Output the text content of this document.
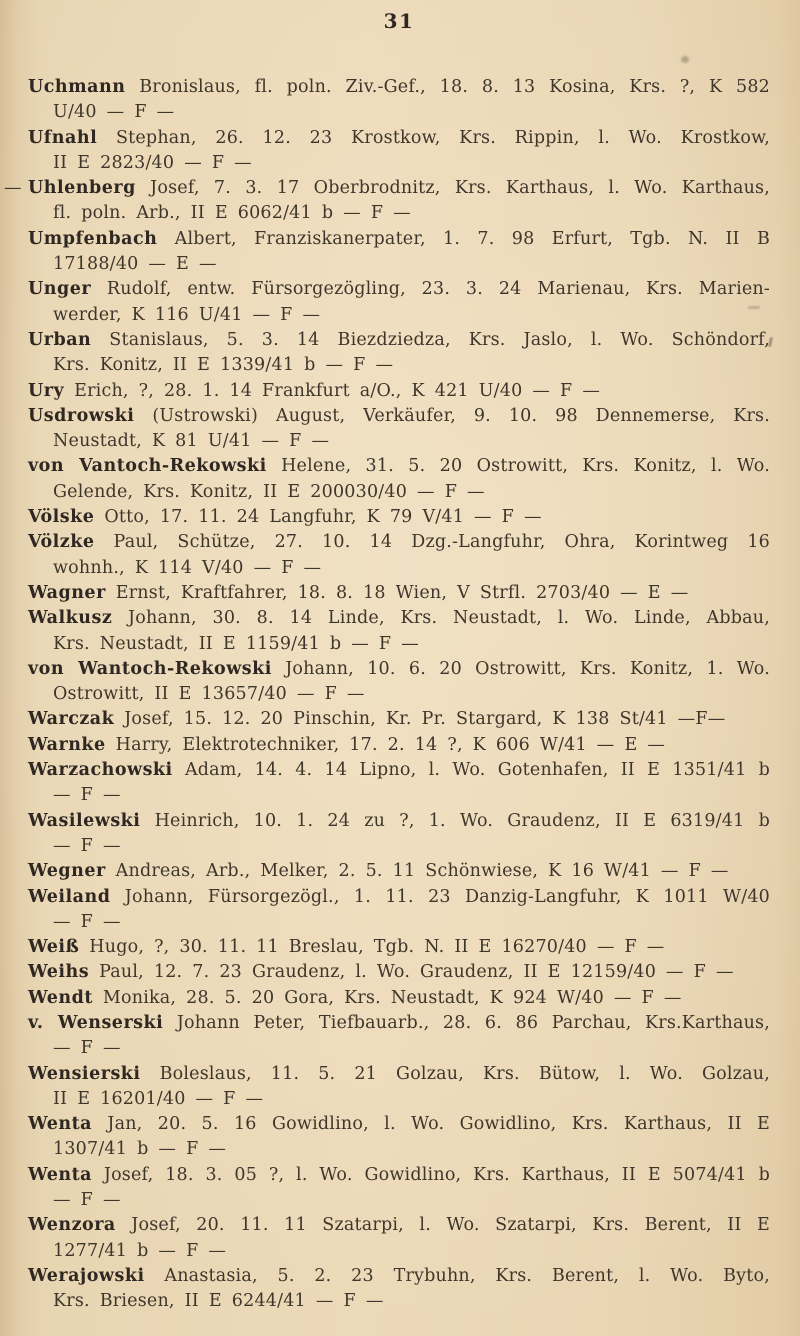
31
Uchmann Bronislaus, fl. poln. Ziv.-Gef., 18. 8. 13 Kosina, Krs. ?, K 582
U/40 — F —
Ufnahl Stephan, 26. 12. 23 Krostkow, Krs. Rippin, l. Wo. Krostkow,
II E 2823/40 — F —
— Uhlenberg Josef, 7. 3. 17 Oberbrodnitz, Krs. Karthaus, l. Wo. Karthaus,
fl. poln. Arb., II E 6062/41 b — F —
Umpfenbach Albert, Franziskanerpater, 1. 7. 98 Erfurt, Tgb. N. II B
17188/40 — E —
Unger Rudolf, entw. Fürsorgezögling, 23. 3. 24 Marienau, Krs. Marien-
werder, K 116 U/41 — F —
Urban Stanislaus, 5. 3. 14 Biezdziedza, Krs. Jaslo, l. Wo. Schöndorf,
Krs. Konitz, II E 1339/41 b — F —
Ury Erich, ?, 28. 1. 14 Frankfurt a/O., K 421 U/40 — F —
Usdrowski (Ustrowski) August, Verkäufer, 9. 10. 98 Dennemerse, Krs.
Neustadt, K 81 U/41 — F —
von Vantoch-Rekowski Helene, 31. 5. 20 Ostrowitt, Krs. Konitz, l. Wo.
Gelende, Krs. Konitz, II E 200030/40 — F —
Völske Otto, 17. 11. 24 Langfuhr, K 79 V/41 — F —
Völzke Paul, Schütze, 27. 10. 14 Dzg.-Langfuhr, Ohra, Korintweg 16
wohnh., K 114 V/40 — F —
Wagner Ernst, Kraftfahrer, 18. 8. 18 Wien, V Strfl. 2703/40 — E —
Walkusz Johann, 30. 8. 14 Linde, Krs. Neustadt, l. Wo. Linde, Abbau,
Krs. Neustadt, II E 1159/41 b — F —
von Wantoch-Rekowski Johann, 10. 6. 20 Ostrowitt, Krs. Konitz, 1. Wo.
Ostrowitt, II E 13657/40 — F —
Warczak Josef, 15. 12. 20 Pinschin, Kr. Pr. Stargard, K 138 St/41 —F—
Warnke Harry, Elektrotechniker, 17. 2. 14 ?, K 606 W/41 — E —
Warzachowski Adam, 14. 4. 14 Lipno, l. Wo. Gotenhafen, II E 1351/41 b
— F —
Wasilewski Heinrich, 10. 1. 24 zu ?, 1. Wo. Graudenz, II E 6319/41 b
— F —
Wegner Andreas, Arb., Melker, 2. 5. 11 Schönwiese, K 16 W/41 — F —
Weiland Johann, Fürsorgezögl., 1. 11. 23 Danzig-Langfuhr, K 1011 W/40
— F —
Weiß Hugo, ?, 30. 11. 11 Breslau, Tgb. N. II E 16270/40 — F —
Weihs Paul, 12. 7. 23 Graudenz, l. Wo. Graudenz, II E 12159/40 — F —
Wendt Monika, 28. 5. 20 Gora, Krs. Neustadt, K 924 W/40 — F —
v. Wenserski Johann Peter, Tiefbauarb., 28. 6. 86 Parchau, Krs.Karthaus,
— F —
Wensierski Boleslaus, 11. 5. 21 Golzau, Krs. Bütow, l. Wo. Golzau,
II E 16201/40 — F —
Wenta Jan, 20. 5. 16 Gowidlino, l. Wo. Gowidlino, Krs. Karthaus, II E
1307/41 b — F —
Wenta Josef, 18. 3. 05 ?, l. Wo. Gowidlino, Krs. Karthaus, II E 5074/41 b
— F —
Wenzora Josef, 20. 11. 11 Szatarpi, l. Wo. Szatarpi, Krs. Berent, II E
1277/41 b — F —
Werajowski Anastasia, 5. 2. 23 Trybuhn, Krs. Berent, l. Wo. Byto,
Krs. Briesen, II E 6244/41 — F —
